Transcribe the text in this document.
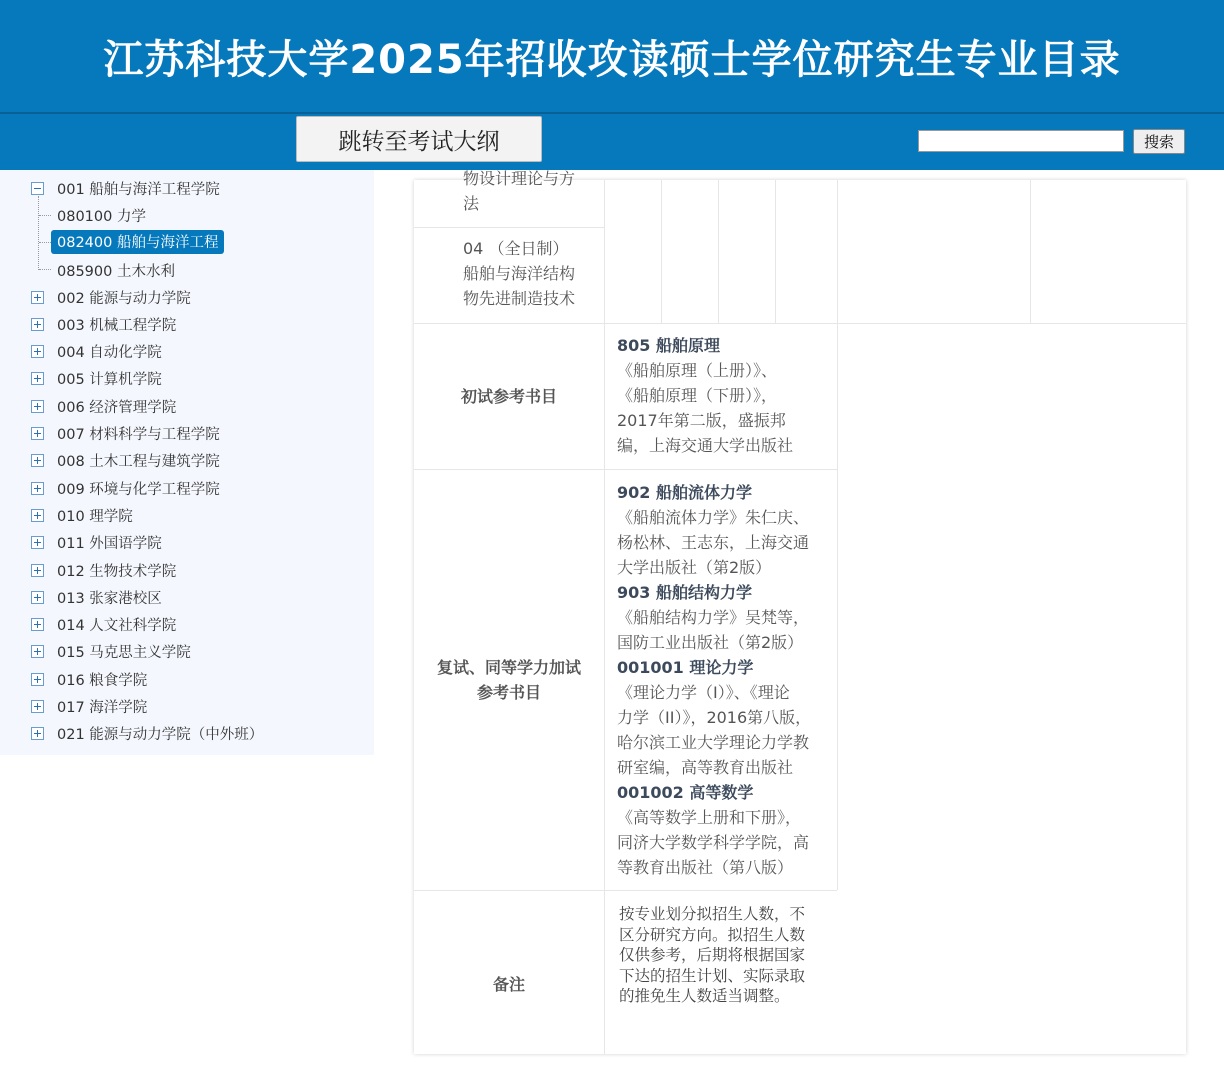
江苏科技大学2025年招收攻读硕士学位研究生专业目录
跳转至考试大纲	搜索
001 船舶与海洋工程学院
080100 力学
082400 船舶与海洋工程
085900 土木水利
002 能源与动力学院
003 机械工程学院
004 自动化学院
005 计算机学院
006 经济管理学院
007 材料科学与工程学院
008 土木工程与建筑学院
009 环境与化学工程学院
010 理学院
011 外国语学院
012 生物技术学院
013 张家港校区
014 人文社科学院
015 马克思主义学院
016 粮食学院
017 海洋学院
021 能源与动力学院（中外班）
物设计理论与方
法
04 （全日制）
船舶与海洋结构
物先进制造技术
初试参考书目
805 船舶原理
《船舶原理（上册）》、
《船舶原理（下册）》，
2017年第二版，盛振邦
编，上海交通大学出版社
复试、同等学力加试
参考书目
902 船舶流体力学
《船舶流体力学》朱仁庆、
杨松林、王志东，上海交通
大学出版社（第2版）
903 船舶结构力学
《船舶结构力学》吴梵等，
国防工业出版社（第2版）
001001 理论力学
《理论力学（I）》、《理论
力学（II）》，2016第八版，
哈尔滨工业大学理论力学教
研室编，高等教育出版社
001002 高等数学
《高等数学上册和下册》，
同济大学数学科学学院，高
等教育出版社（第八版）
备注
按专业划分拟招生人数，不
区分研究方向。拟招生人数
仅供参考，后期将根据国家
下达的招生计划、实际录取
的推免生人数适当调整。
